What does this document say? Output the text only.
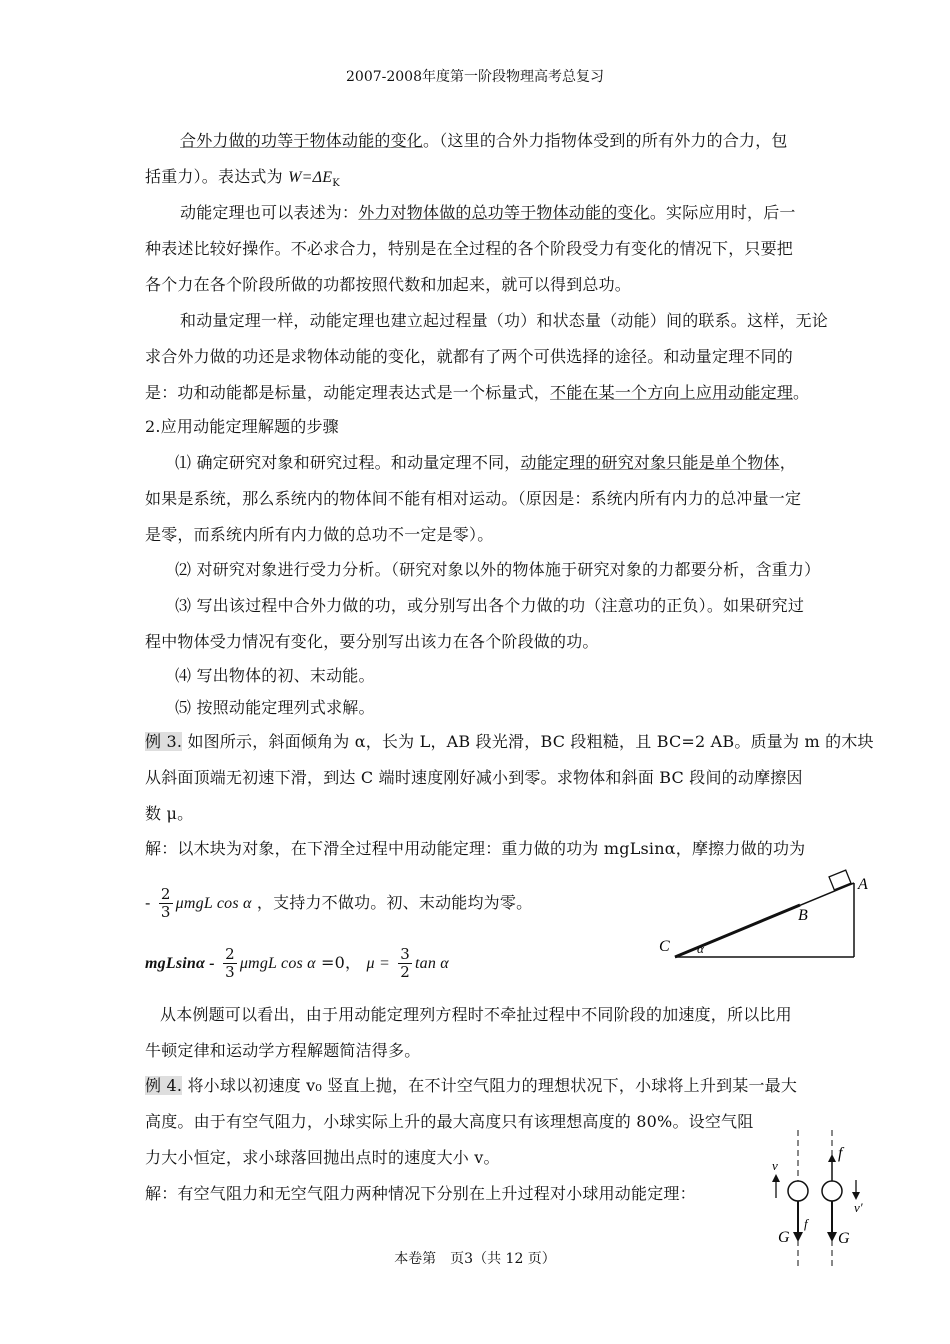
2007-2008年度第一阶段物理高考总复习
合外力做的功等于物体动能的变化。（这里的合外力指物体受到的所有外力的合力，包
括重力）。表达式为 $W=\Delta E_K$
动能定理也可以表述为：外力对物体做的总功等于物体动能的变化。实际应用时，后一
种表述比较好操作。不必求合力，特别是在全过程的各个阶段受力有变化的情况下，只要把
各个力在各个阶段所做的功都按照代数和加起来，就可以得到总功。
和动量定理一样，动能定理也建立起过程量（功）和状态量（动能）间的联系。这样，无论
求合外力做的功还是求物体动能的变化，就都有了两个可供选择的途径。和动量定理不同的
是：功和动能都是标量，动能定理表达式是一个标量式，不能在某一个方向上应用动能定理。
2.应用动能定理解题的步骤
⑴ 确定研究对象和研究过程。和动量定理不同，动能定理的研究对象只能是单个物体，
如果是系统，那么系统内的物体间不能有相对运动。（原因是：系统内所有内力的总冲量一定
是零，而系统内所有内力做的总功不一定是零）。
⑵ 对研究对象进行受力分析。（研究对象以外的物体施于研究对象的力都要分析，含重力）
⑶ 写出该过程中合外力做的功，或分别写出各个力做的功（注意功的正负）。如果研究过
程中物体受力情况有变化，要分别写出该力在各个阶段做的功。
⑷ 写出物体的初、末动能。
⑸ 按照动能定理列式求解。
例 3. 如图所示，斜面倾角为 α，长为 L，AB 段光滑，BC 段粗糙，且 BC=2 AB。质量为 m 的木块
从斜面顶端无初速下滑，到达 C 端时速度刚好减小到零。求物体和斜面 BC 段间的动摩擦因
数 μ。
解：以木块为对象，在下滑全过程中用动能定理：重力做的功为 mgLsinα，摩擦力做的功为
- $\frac{2}{3}$ μmgL cos α ，支持力不做功。初、末动能均为零。
mgLsinα - $\frac{2}{3}$ μmgL cos α =0， $\mu = \frac{3}{2}$ tan α
A
B
C α
从本例题可以看出，由于用动能定理列方程时不牵扯过程中不同阶段的加速度，所以比用
牛顿定律和运动学方程解题简洁得多。
例 4. 将小球以初速度 v₀ 竖直上抛，在不计空气阻力的理想状况下，小球将上升到某一最大
高度。由于有空气阻力，小球实际上升的最大高度只有该理想高度的 80%。设空气阻
力大小恒定，求小球落回抛出点时的速度大小 v。
解：有空气阻力和无空气阻力两种情况下分别在上升过程对小球用动能定理：
v
f
G
f
G
v′
本卷第　页3（共 12 页）
